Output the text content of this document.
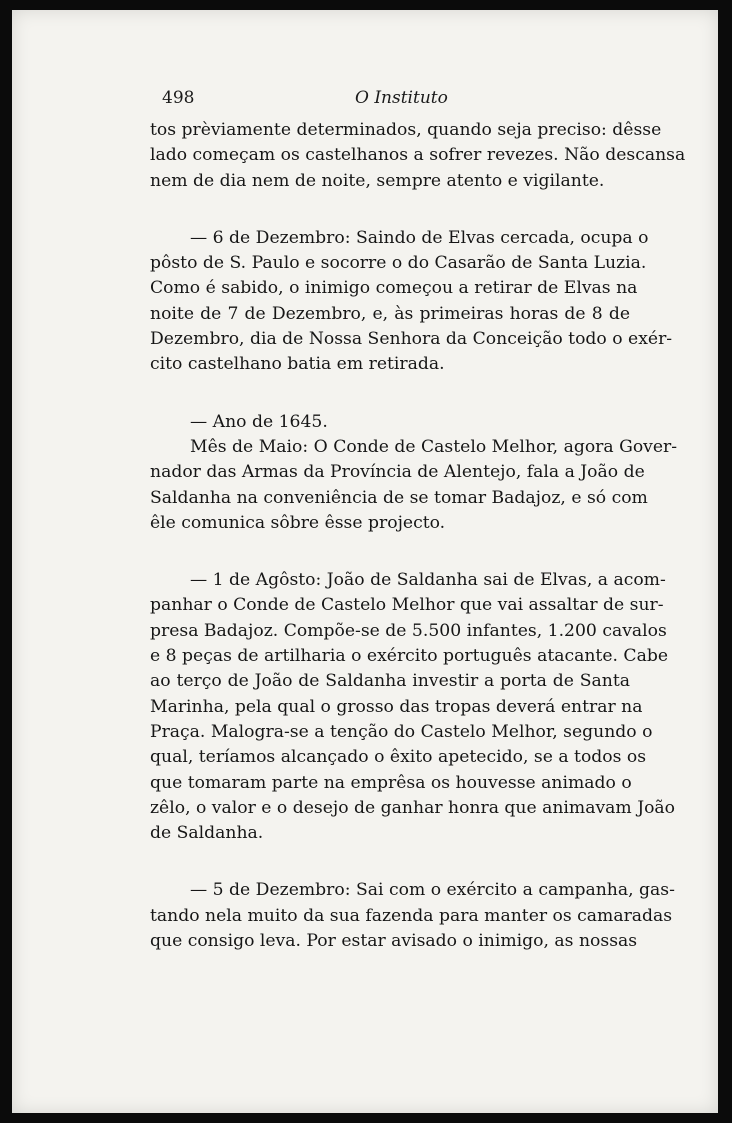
498	O Instituto
tos prèviamente determinados, quando seja preciso: dêsse
lado começam os castelhanos a sofrer revezes. Não descansa
nem de dia nem de noite, sempre atento e vigilante.
— 6 de Dezembro: Saindo de Elvas cercada, ocupa o
pôsto de S. Paulo e socorre o do Casarão de Santa Luzia.
Como é sabido, o inimigo começou a retirar de Elvas na
noite de 7 de Dezembro, e, às primeiras horas de 8 de
Dezembro, dia de Nossa Senhora da Conceição todo o exér-
cito castelhano batia em retirada.
— Ano de 1645.
Mês de Maio: O Conde de Castelo Melhor, agora Gover-
nador das Armas da Província de Alentejo, fala a João de
Saldanha na conveniência de se tomar Badajoz, e só com
êle comunica sôbre êsse projecto.
— 1 de Agôsto: João de Saldanha sai de Elvas, a acom-
panhar o Conde de Castelo Melhor que vai assaltar de sur-
presa Badajoz. Compõe-se de 5.500 infantes, 1.200 cavalos
e 8 peças de artilharia o exército português atacante. Cabe
ao terço de João de Saldanha investir a porta de Santa
Marinha, pela qual o grosso das tropas deverá entrar na
Praça. Malogra-se a tenção do Castelo Melhor, segundo o
qual, teríamos alcançado o êxito apetecido, se a todos os
que tomaram parte na emprêsa os houvesse animado o
zêlo, o valor e o desejo de ganhar honra que animavam João
de Saldanha.
— 5 de Dezembro: Sai com o exército a campanha, gas-
tando nela muito da sua fazenda para manter os camaradas
que consigo leva. Por estar avisado o inimigo, as nossas
